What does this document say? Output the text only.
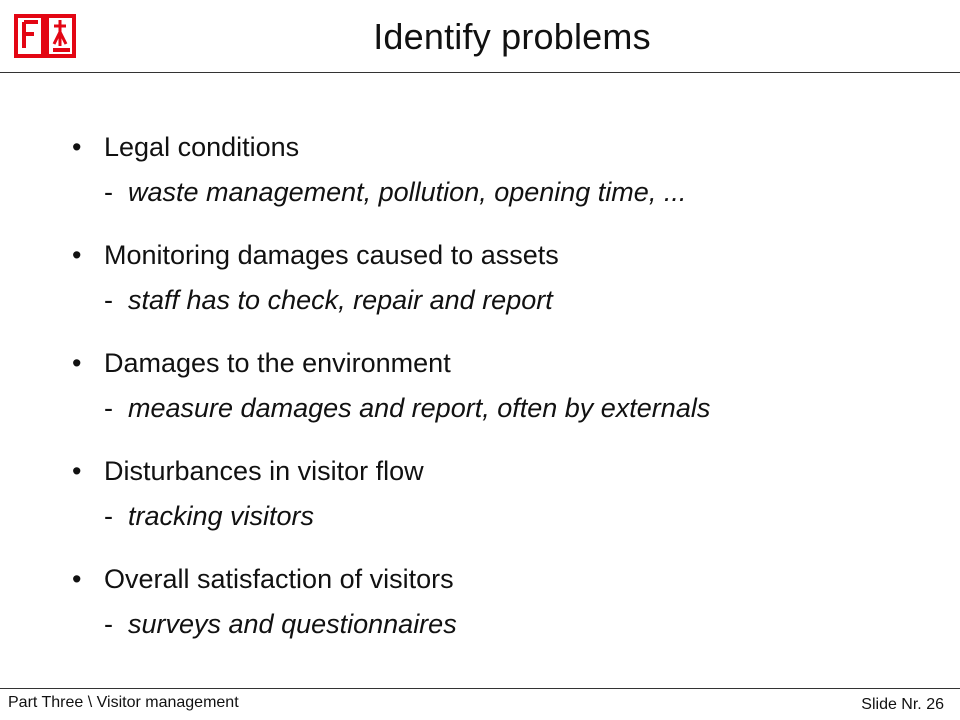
Identify problems
• Legal conditions
- waste management, pollution, opening time, ...
• Monitoring damages caused to assets
- staff has to check, repair and report
• Damages to the environment
- measure damages and report, often by externals
• Disturbances in visitor flow
- tracking visitors
• Overall satisfaction of visitors
- surveys and questionnaires
Part Three \ Visitor management	Slide Nr. 26
